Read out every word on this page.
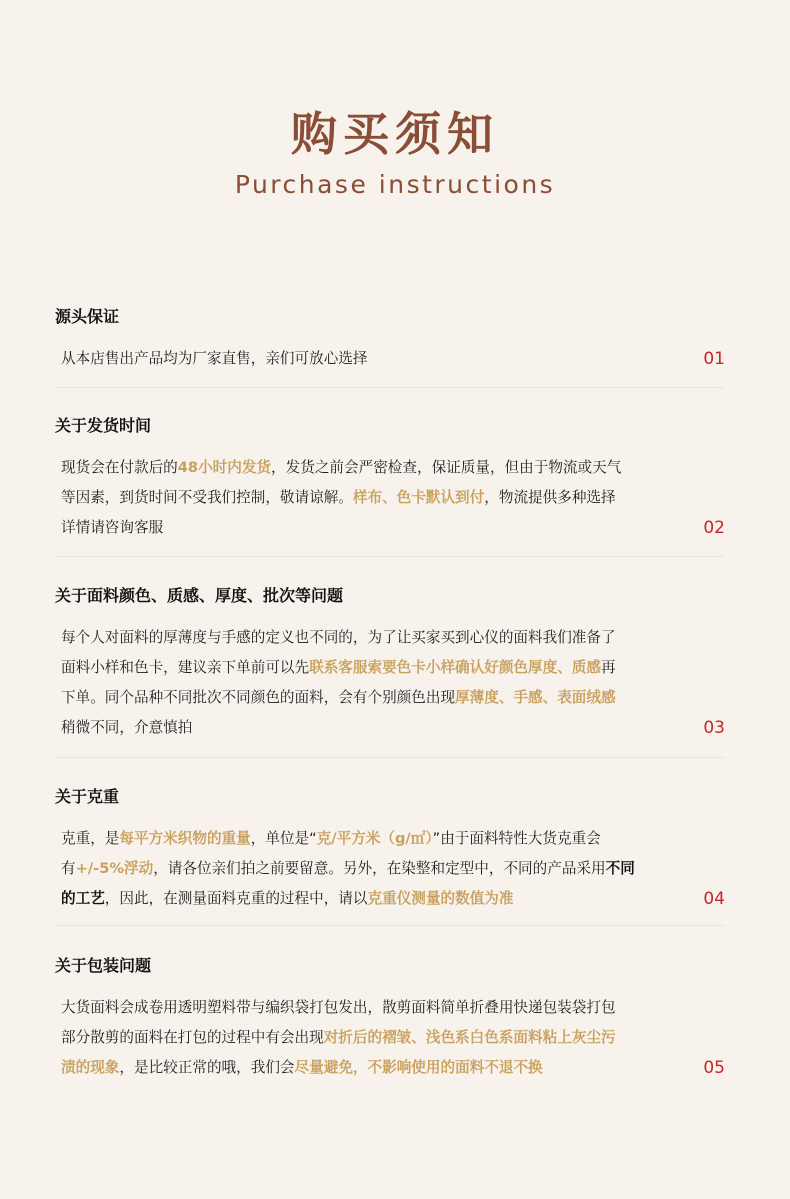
购买须知
Purchase instructions
源头保证
从本店售出产品均为厂家直售，亲们可放心选择	01
关于发货时间
现货会在付款后的48小时内发货，发货之前会严密检查，保证质量，但由于物流或天气
等因素，到货时间不受我们控制，敬请谅解。样布、色卡默认到付，物流提供多种选择
详情请咨询客服	02
关于面料颜色、质感、厚度、批次等问题
每个人对面料的厚薄度与手感的定义也不同的，为了让买家买到心仪的面料我们准备了
面料小样和色卡，建议亲下单前可以先联系客服索要色卡小样确认好颜色厚度、质感再
下单。同个品种不同批次不同颜色的面料，会有个别颜色出现厚薄度、手感、表面绒感
稍微不同，介意慎拍	03
关于克重
克重，是每平方米织物的重量，单位是“克/平方米（g/㎡）”由于面料特性大货克重会
有+/-5%浮动，请各位亲们拍之前要留意。另外，在染整和定型中，不同的产品采用不同
的工艺，因此，在测量面料克重的过程中，请以克重仪测量的数值为准	04
关于包装问题
大货面料会成卷用透明塑料带与编织袋打包发出，散剪面料简单折叠用快递包装袋打包
部分散剪的面料在打包的过程中有会出现对折后的褶皱、浅色系白色系面料粘上灰尘污
渍的现象，是比较正常的哦，我们会尽量避免，不影响使用的面料不退不换	05
